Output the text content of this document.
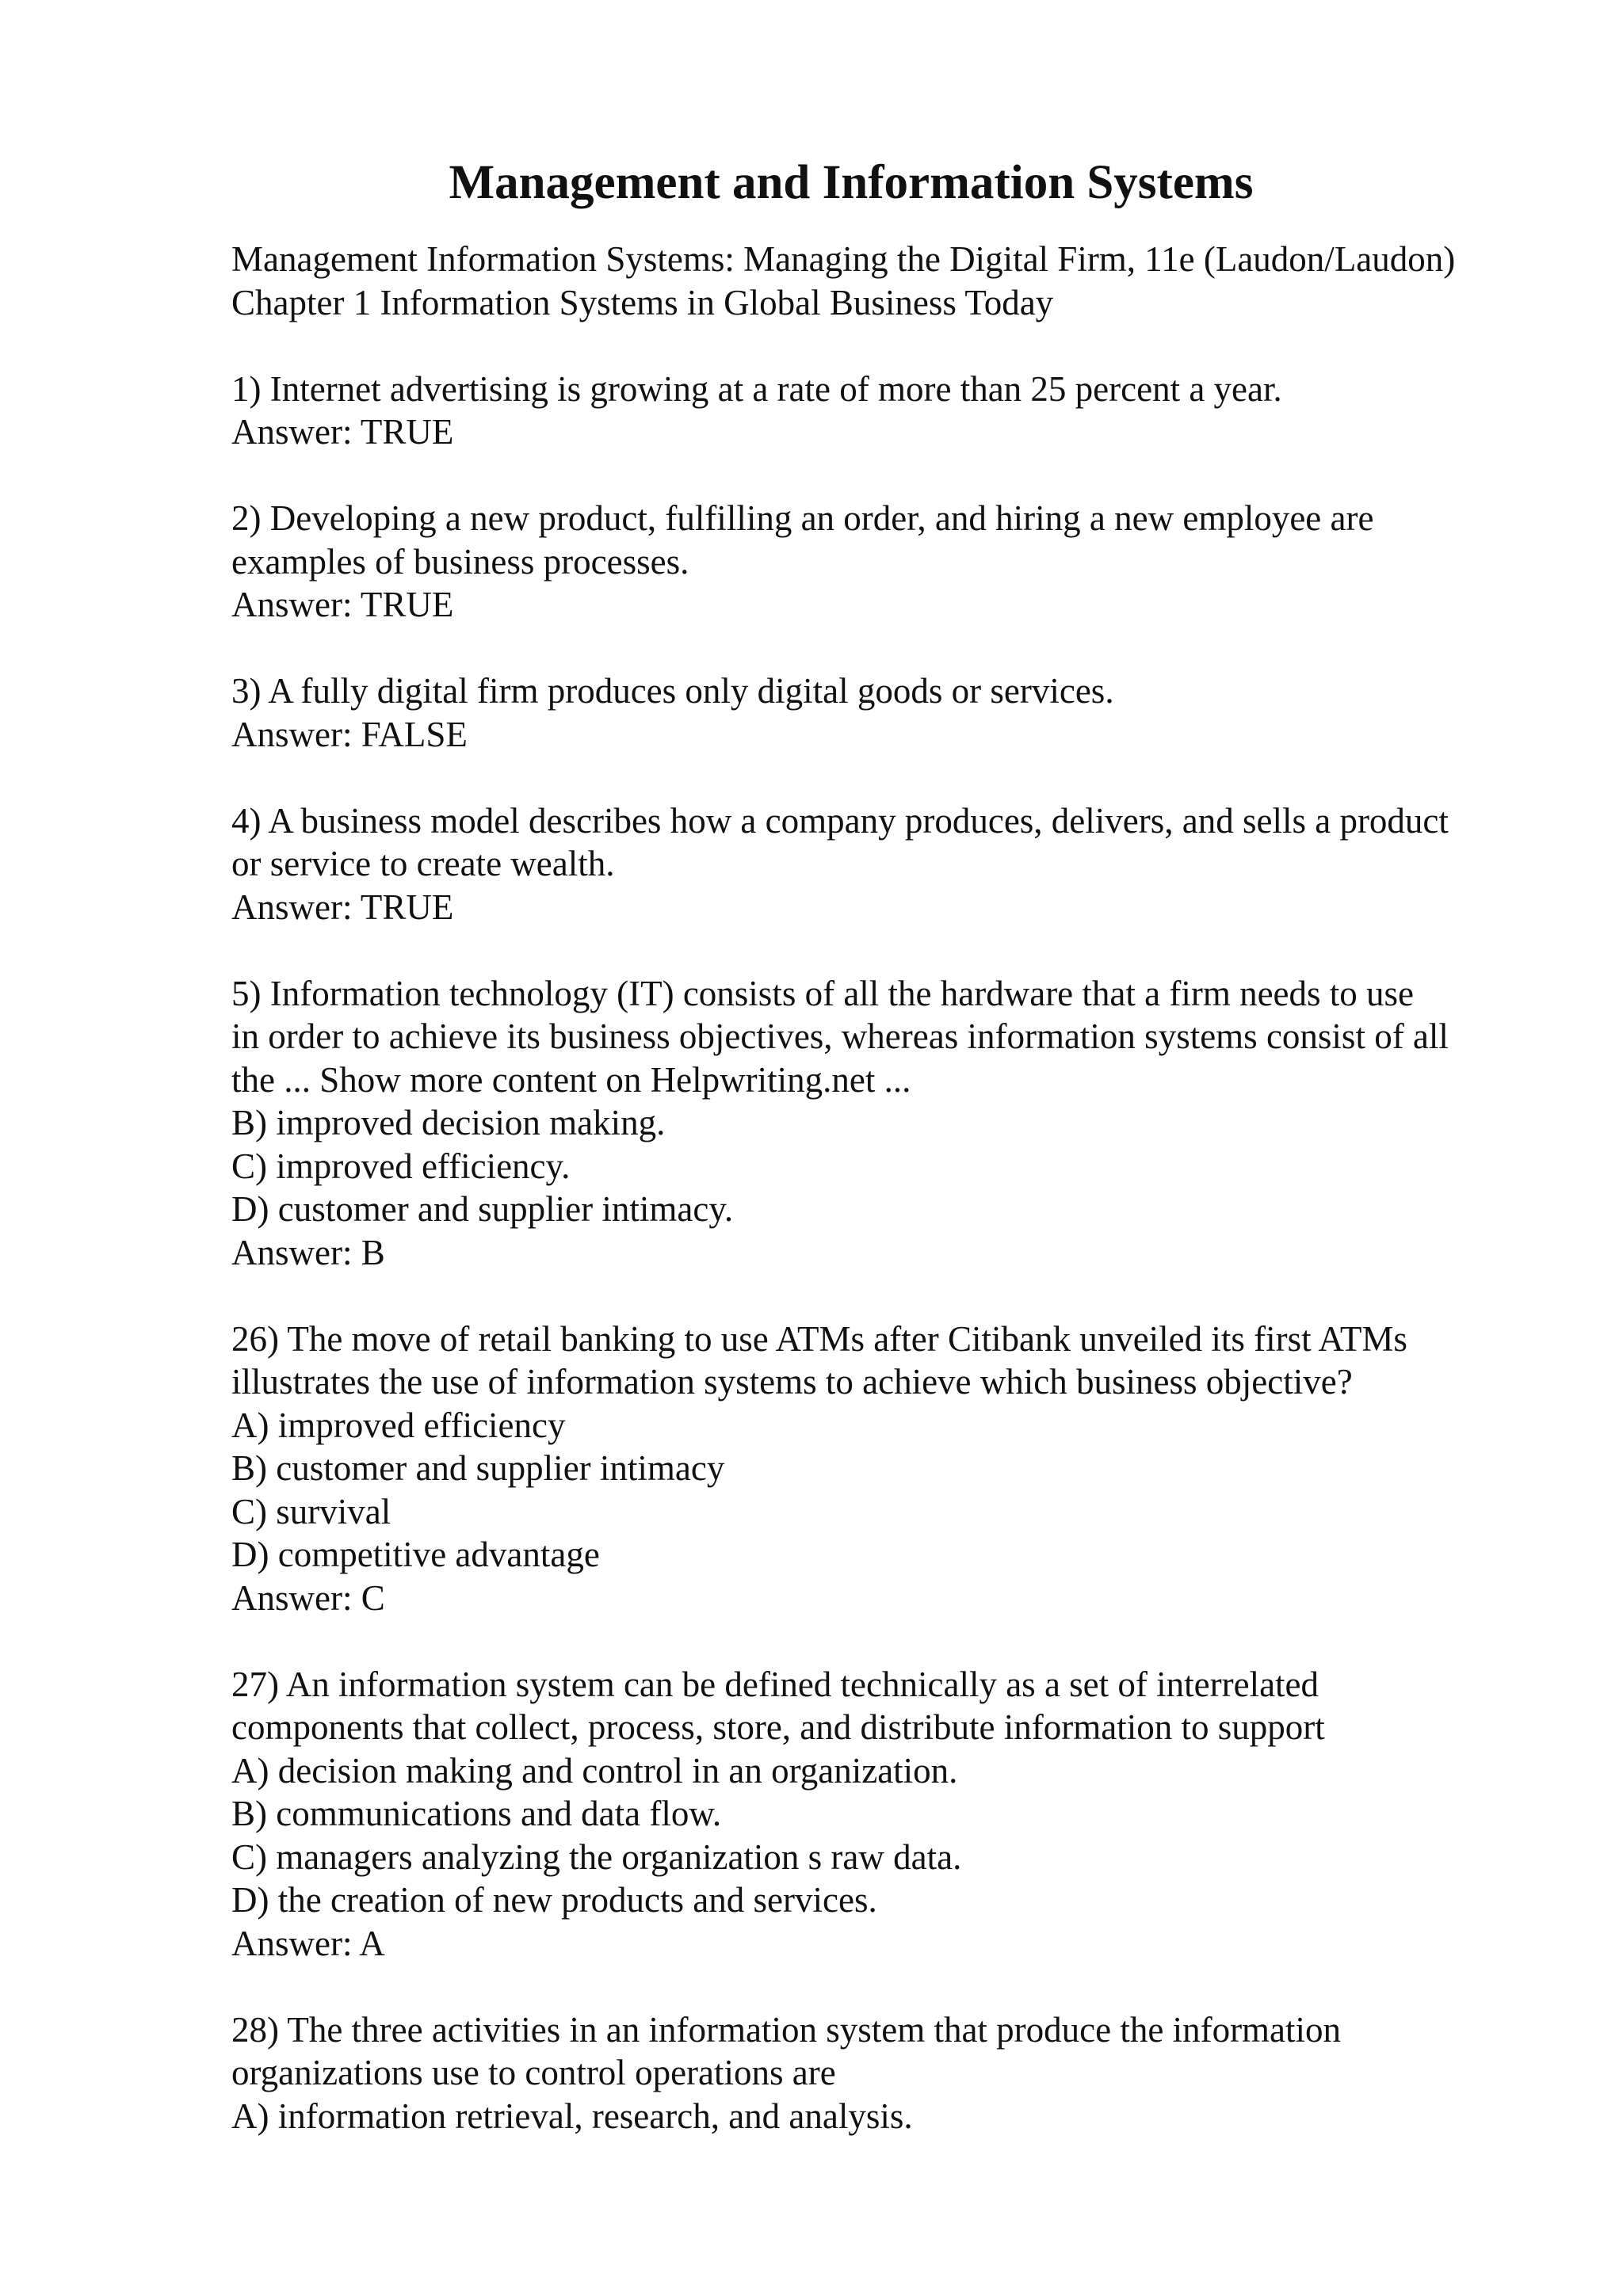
Management and Information Systems
Management Information Systems: Managing the Digital Firm, 11e (Laudon/Laudon)
Chapter 1 Information Systems in Global Business Today
1) Internet advertising is growing at a rate of more than 25 percent a year.
Answer: TRUE
2) Developing a new product, fulfilling an order, and hiring a new employee are
examples of business processes.
Answer: TRUE
3) A fully digital firm produces only digital goods or services.
Answer: FALSE
4) A business model describes how a company produces, delivers, and sells a product
or service to create wealth.
Answer: TRUE
5) Information technology (IT) consists of all the hardware that a firm needs to use
in order to achieve its business objectives, whereas information systems consist of all
the ... Show more content on Helpwriting.net ...
B) improved decision making.
C) improved efficiency.
D) customer and supplier intimacy.
Answer: B
26) The move of retail banking to use ATMs after Citibank unveiled its first ATMs
illustrates the use of information systems to achieve which business objective?
A) improved efficiency
B) customer and supplier intimacy
C) survival
D) competitive advantage
Answer: C
27) An information system can be defined technically as a set of interrelated
components that collect, process, store, and distribute information to support
A) decision making and control in an organization.
B) communications and data flow.
C) managers analyzing the organization s raw data.
D) the creation of new products and services.
Answer: A
28) The three activities in an information system that produce the information
organizations use to control operations are
A) information retrieval, research, and analysis.
